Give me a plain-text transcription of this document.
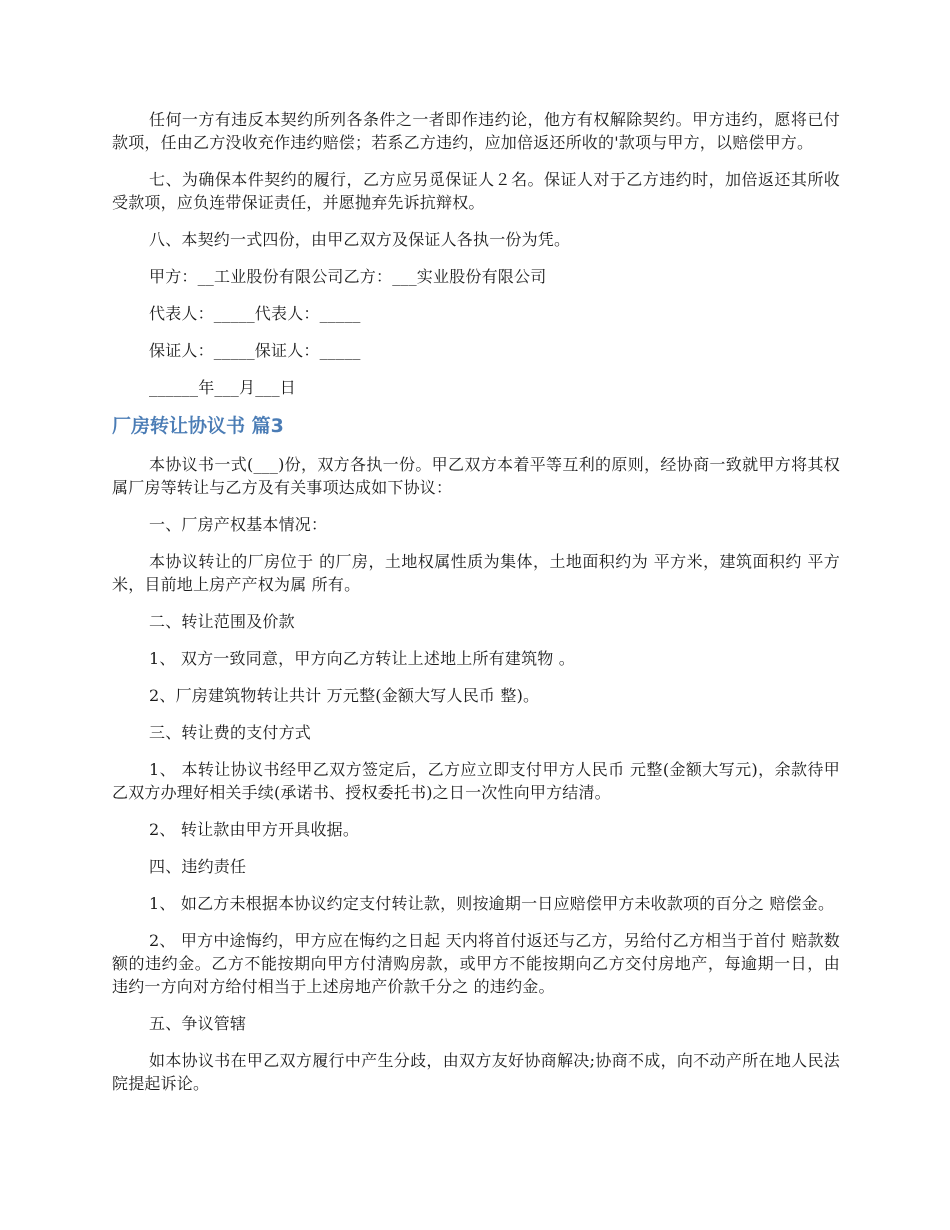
任何一方有违反本契约所列各条件之一者即作违约论，他方有权解除契约。甲方违约，愿将已付款项，任由乙方没收充作违约赔偿；若系乙方违约，应加倍返还所收的'款项与甲方，以赔偿甲方。

七、为确保本件契约的履行，乙方应另觅保证人２名。保证人对于乙方违约时，加倍返还其所收受款项，应负连带保证责任，并愿抛弃先诉抗辩权。

八、本契约一式四份，由甲乙双方及保证人各执一份为凭。

甲方：__工业股份有限公司乙方：___实业股份有限公司

代表人：_____代表人：_____

保证人：_____保证人：_____

______年___月___日

厂房转让协议书 篇3

本协议书一式(___)份，双方各执一份。甲乙双方本着平等互利的原则，经协商一致就甲方将其权属厂房等转让与乙方及有关事项达成如下协议：

一、厂房产权基本情况：

本协议转让的厂房位于 的厂房，土地权属性质为集体，土地面积约为 平方米，建筑面积约 平方米，目前地上房产产权为属 所有。

二、转让范围及价款

1、 双方一致同意，甲方向乙方转让上述地上所有建筑物 。

2、厂房建筑物转让共计 万元整(金额大写人民币 整)。

三、转让费的支付方式

1、 本转让协议书经甲乙双方签定后，乙方应立即支付甲方人民币 元整(金额大写元)，余款待甲乙双方办理好相关手续(承诺书、授权委托书)之日一次性向甲方结清。

2、 转让款由甲方开具收据。

四、违约责任

1、 如乙方未根据本协议约定支付转让款，则按逾期一日应赔偿甲方未收款项的百分之 赔偿金。

2、 甲方中途悔约，甲方应在悔约之日起 天内将首付返还与乙方，另给付乙方相当于首付 赔款数额的违约金。乙方不能按期向甲方付清购房款，或甲方不能按期向乙方交付房地产，每逾期一日，由违约一方向对方给付相当于上述房地产价款千分之 的违约金。

五、争议管辖

如本协议书在甲乙双方履行中产生分歧，由双方友好协商解决;协商不成，向不动产所在地人民法院提起诉论。
